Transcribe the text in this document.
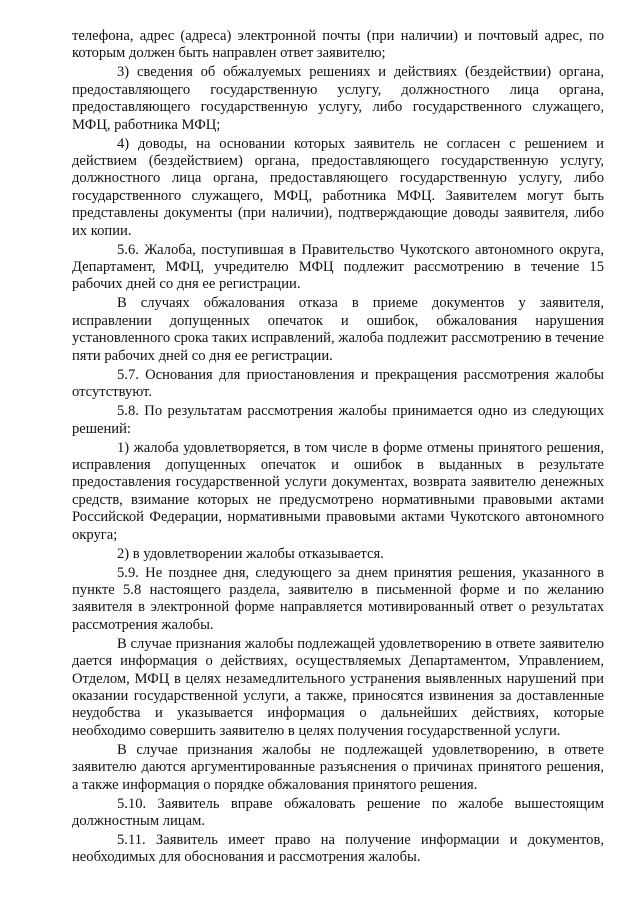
телефона, адрес (адреса) электронной почты (при наличии) и почтовый адрес, по которым должен быть направлен ответ заявителю;

3) сведения об обжалуемых решениях и действиях (бездействии) органа, предоставляющего государственную услугу, должностного лица органа, предоставляющего государственную услугу, либо государственного служащего, МФЦ, работника МФЦ;

4) доводы, на основании которых заявитель не согласен с решением и действием (бездействием) органа, предоставляющего государственную услугу, должностного лица органа, предоставляющего государственную услугу, либо государственного служащего, МФЦ, работника МФЦ. Заявителем могут быть представлены документы (при наличии), подтверждающие доводы заявителя, либо их копии.

5.6. Жалоба, поступившая в Правительство Чукотского автономного округа, Департамент, МФЦ, учредителю МФЦ подлежит рассмотрению в течение 15 рабочих дней со дня ее регистрации.

В случаях обжалования отказа в приеме документов у заявителя, исправлении допущенных опечаток и ошибок, обжалования нарушения установленного срока таких исправлений, жалоба подлежит рассмотрению в течение пяти рабочих дней со дня ее регистрации.

5.7. Основания для приостановления и прекращения рассмотрения жалобы отсутствуют.

5.8. По результатам рассмотрения жалобы принимается одно из следующих решений:

1) жалоба удовлетворяется, в том числе в форме отмены принятого решения, исправления допущенных опечаток и ошибок в выданных в результате предоставления государственной услуги документах, возврата заявителю денежных средств, взимание которых не предусмотрено нормативными правовыми актами Российской Федерации, нормативными правовыми актами Чукотского автономного округа;

2) в удовлетворении жалобы отказывается.

5.9. Не позднее дня, следующего за днем принятия решения, указанного в пункте 5.8 настоящего раздела, заявителю в письменной форме и по желанию заявителя в электронной форме направляется мотивированный ответ о результатах рассмотрения жалобы.

В случае признания жалобы подлежащей удовлетворению в ответе заявителю дается информация о действиях, осуществляемых Департаментом, Управлением, Отделом, МФЦ в целях незамедлительного устранения выявленных нарушений при оказании государственной услуги, а также, приносятся извинения за доставленные неудобства и указывается информация о дальнейших действиях, которые необходимо совершить заявителю в целях получения государственной услуги.

В случае признания жалобы не подлежащей удовлетворению, в ответе заявителю даются аргументированные разъяснения о причинах принятого решения, а также информация о порядке обжалования принятого решения.

5.10. Заявитель вправе обжаловать решение по жалобе вышестоящим должностным лицам.

5.11. Заявитель имеет право на получение информации и документов, необходимых для обоснования и рассмотрения жалобы.
